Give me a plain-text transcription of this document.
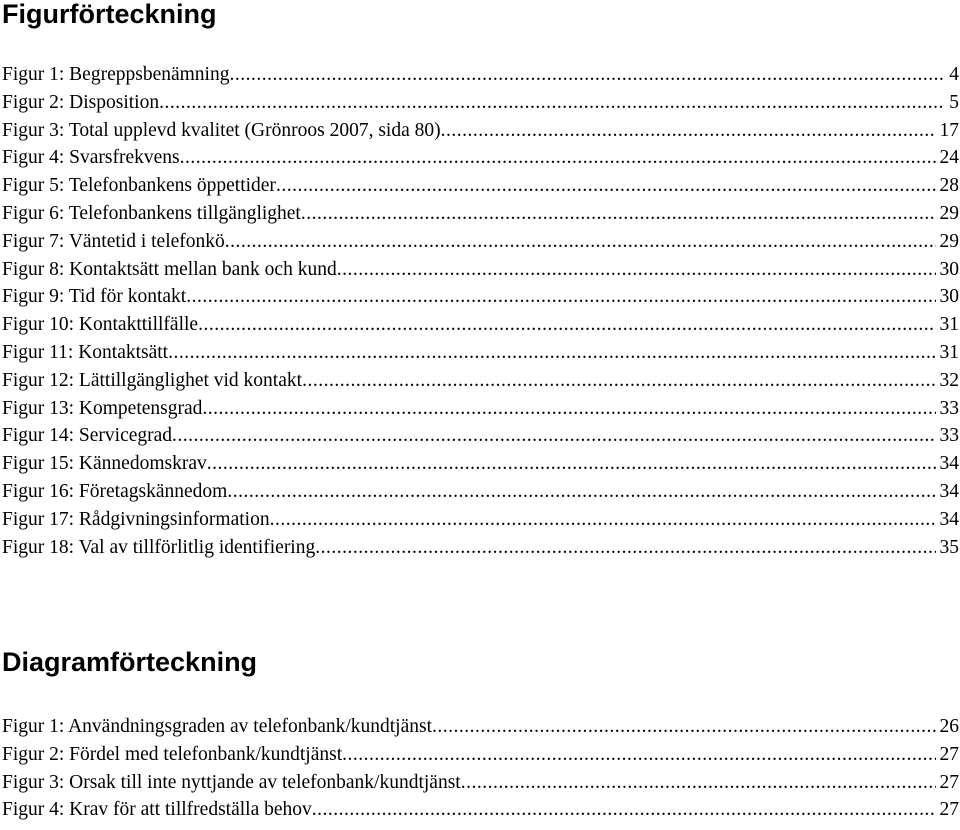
Figurförteckning
Figur 1: Begreppsbenämning .....	4
Figur 2: Disposition .....	5
Figur 3: Total upplevd kvalitet (Grönroos 2007, sida 80) .....	17
Figur 4: Svarsfrekvens .....	24
Figur 5: Telefonbankens öppettider .....	28
Figur 6: Telefonbankens tillgänglighet .....	29
Figur 7: Väntetid i telefonkö .....	29
Figur 8: Kontaktsätt mellan bank och kund .....	30
Figur 9: Tid för kontakt .....	30
Figur 10: Kontakttillfälle .....	31
Figur 11: Kontaktsätt .....	31
Figur 12: Lättillgänglighet vid kontakt .....	32
Figur 13: Kompetensgrad .....	33
Figur 14: Servicegrad .....	33
Figur 15: Kännedomskrav .....	34
Figur 16: Företagskännedom .....	34
Figur 17: Rådgivningsinformation .....	34
Figur 18: Val av tillförlitlig identifiering .....	35
Diagramförteckning
Figur 1: Användningsgraden av telefonbank/kundtjänst .....	26
Figur 2: Fördel med telefonbank/kundtjänst .....	27
Figur 3: Orsak till inte nyttjande av telefonbank/kundtjänst .....	27
Figur 4: Krav för att tillfredställa behov .....	27
